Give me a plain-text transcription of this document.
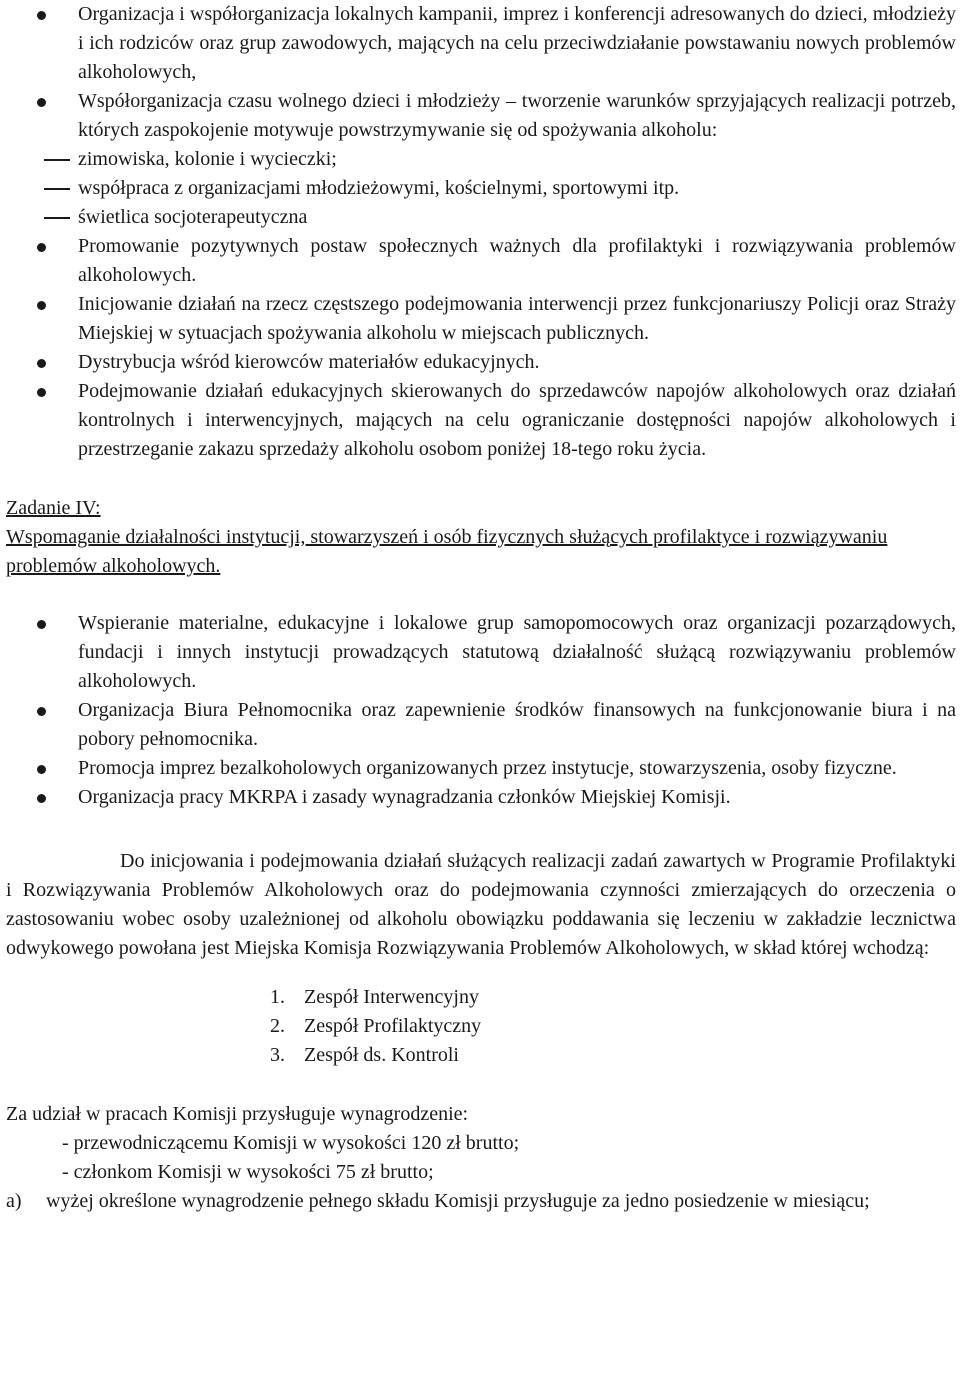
Organizacja i współorganizacja lokalnych kampanii, imprez i konferencji adresowanych do dzieci, młodzieży i ich rodziców oraz grup zawodowych, mających na celu przeciwdziałanie powstawaniu nowych problemów alkoholowych,
Współorganizacja czasu wolnego dzieci i młodzieży – tworzenie warunków sprzyjających realizacji potrzeb, których zaspokojenie motywuje powstrzymywanie się od spożywania alkoholu:
zimowiska, kolonie i wycieczki;
współpraca z organizacjami młodzieżowymi, kościelnymi, sportowymi itp.
świetlica socjoterapeutyczna
Promowanie pozytywnych postaw społecznych ważnych dla profilaktyki i rozwiązywania problemów alkoholowych.
Inicjowanie działań na rzecz częstszego podejmowania interwencji przez funkcjonariuszy Policji oraz Straży Miejskiej w sytuacjach spożywania alkoholu w miejscach publicznych.
Dystrybucja wśród kierowców materiałów edukacyjnych.
Podejmowanie działań edukacyjnych skierowanych do sprzedawców napojów alkoholowych oraz działań kontrolnych i interwencyjnych, mających na celu ograniczanie dostępności napojów alkoholowych i przestrzeganie zakazu sprzedaży alkoholu osobom poniżej 18-tego roku życia.
Zadanie IV:
Wspomaganie działalności instytucji, stowarzyszeń i osób fizycznych służących profilaktyce i rozwiązywaniu problemów alkoholowych.
Wspieranie materialne, edukacyjne i lokalowe grup samopomocowych oraz organizacji pozarządowych, fundacji i innych instytucji prowadzących statutową działalność służącą rozwiązywaniu problemów alkoholowych.
Organizacja Biura Pełnomocnika oraz zapewnienie środków finansowych na funkcjonowanie biura i na pobory pełnomocnika.
Promocja imprez bezalkoholowych organizowanych przez instytucje, stowarzyszenia, osoby fizyczne.
Organizacja pracy MKRPA i zasady wynagradzania członków Miejskiej Komisji.

Do inicjowania i podejmowania działań służących realizacji zadań zawartych w Programie Profilaktyki i Rozwiązywania Problemów Alkoholowych oraz do podejmowania czynności zmierzających do orzeczenia o zastosowaniu wobec osoby uzależnionej od alkoholu obowiązku poddawania się leczeniu w zakładzie lecznictwa odwykowego powołana jest Miejska Komisja Rozwiązywania Problemów Alkoholowych, w skład której wchodzą:

1. Zespół Interwencyjny
2. Zespół Profilaktyczny
3. Zespół ds. Kontroli
Za udział w pracach Komisji przysługuje wynagrodzenie:
- przewodniczącemu Komisji w wysokości 120 zł brutto;
- członkom Komisji w wysokości 75 zł brutto;
a)	wyżej określone wynagrodzenie pełnego składu Komisji przysługuje za jedno posiedzenie w miesiącu;
